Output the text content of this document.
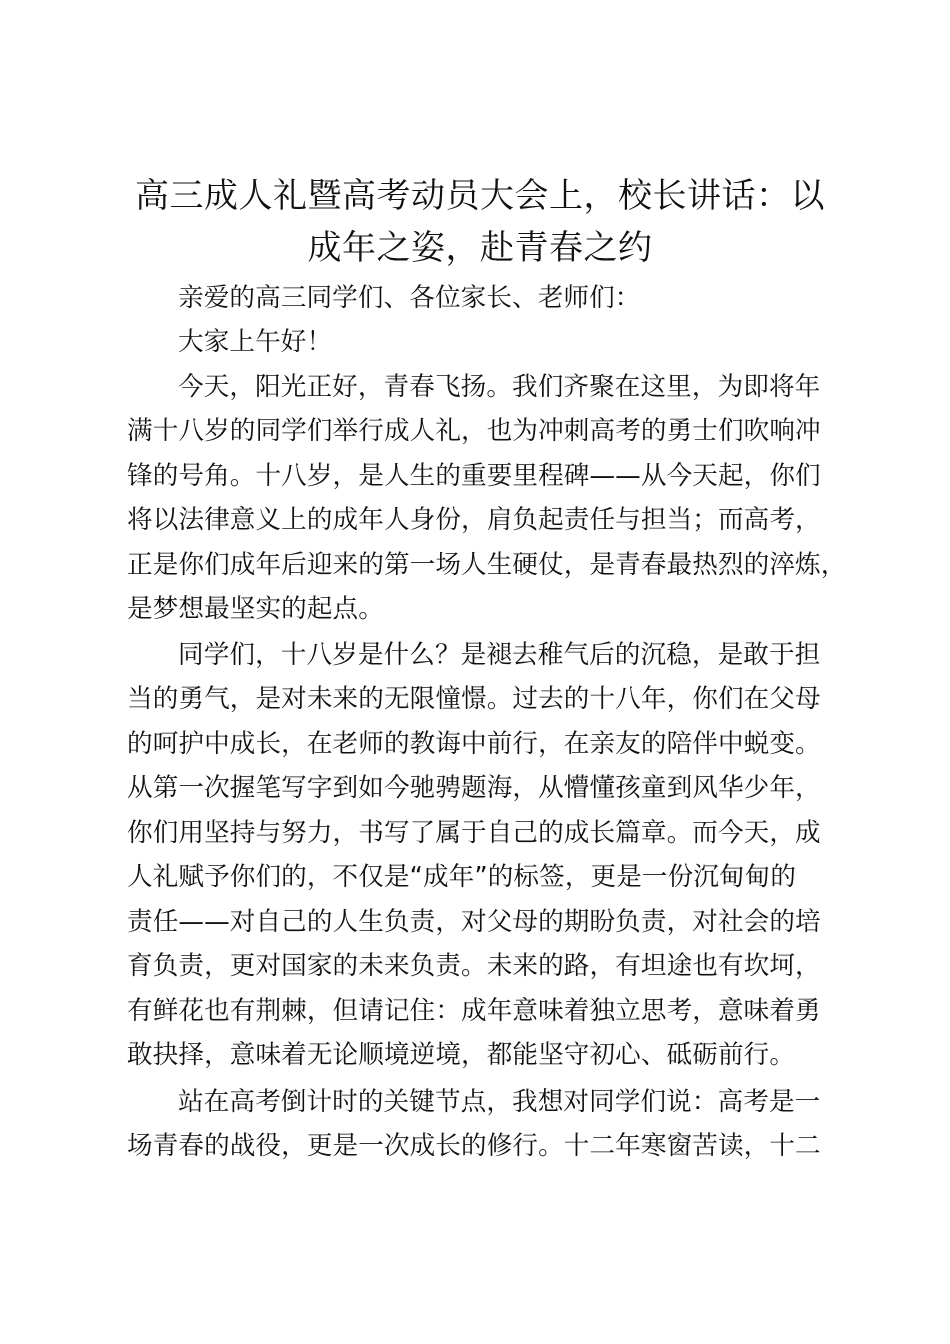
高三成人礼暨高考动员大会上，校长讲话：以
成年之姿，赴青春之约

亲爱的高三同学们、各位家长、老师们：

大家上午好！

今天，阳光正好，青春飞扬。我们齐聚在这里，为即将年

满十八岁的同学们举行成人礼，也为冲刺高考的勇士们吹响冲

锋的号角。十八岁，是人生的重要里程碑——从今天起，你们

将以法律意义上的成年人身份，肩负起责任与担当；而高考，

正是你们成年后迎来的第一场人生硬仗，是青春最热烈的淬炼，

是梦想最坚实的起点。

同学们，十八岁是什么？是褪去稚气后的沉稳，是敢于担

当的勇气，是对未来的无限憧憬。过去的十八年，你们在父母

的呵护中成长，在老师的教诲中前行，在亲友的陪伴中蜕变。

从第一次握笔写字到如今驰骋题海，从懵懂孩童到风华少年，

你们用坚持与努力，书写了属于自己的成长篇章。而今天，成

人礼赋予你们的，不仅是“成年”的标签，更是一份沉甸甸的

责任——对自己的人生负责，对父母的期盼负责，对社会的培

育负责，更对国家的未来负责。未来的路，有坦途也有坎坷，

有鲜花也有荆棘，但请记住：成年意味着独立思考，意味着勇

敢抉择，意味着无论顺境逆境，都能坚守初心、砥砺前行。

站在高考倒计时的关键节点，我想对同学们说：高考是一

场青春的战役，更是一次成长的修行。十二年寒窗苦读，十二
